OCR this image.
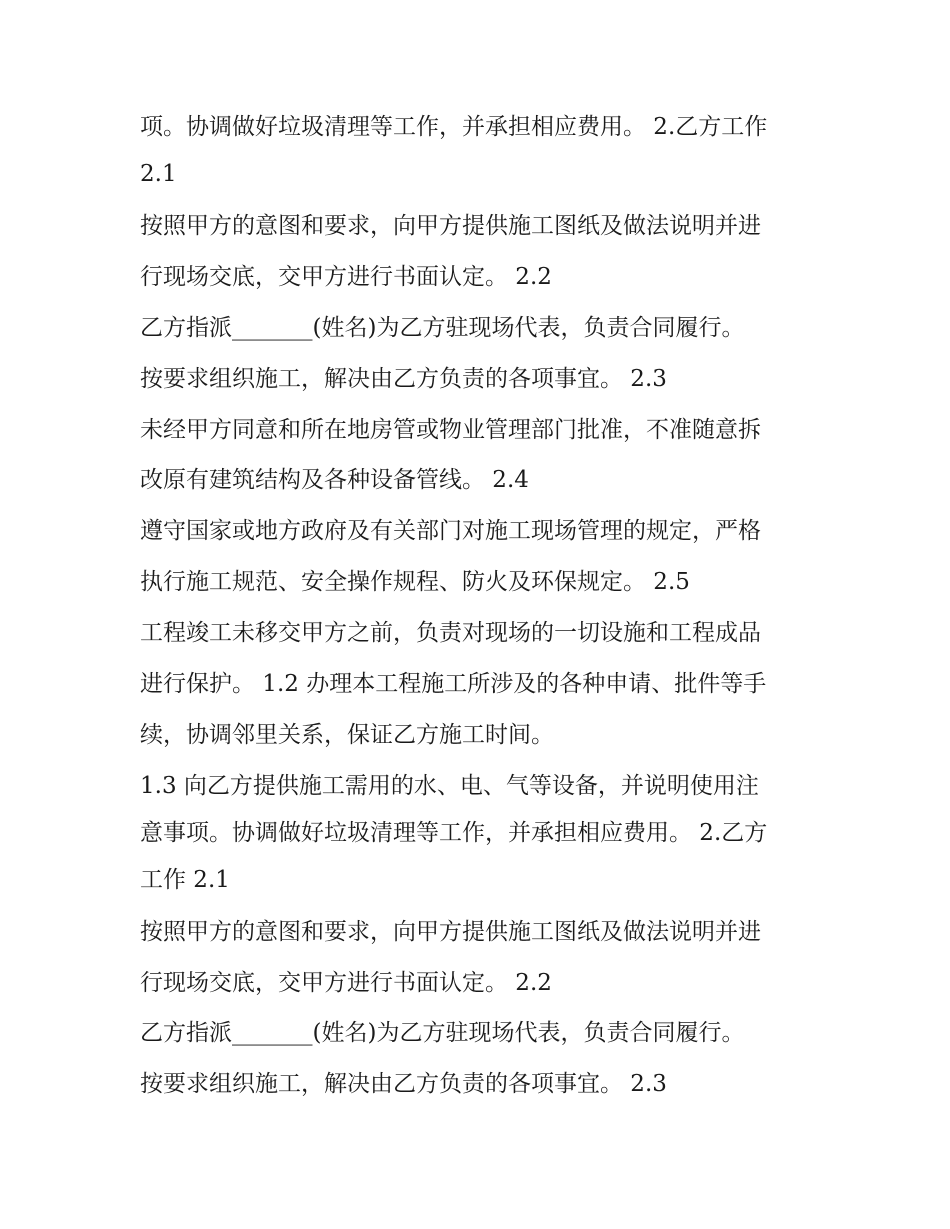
项。协调做好垃圾清理等工作，并承担相应费用。 2.乙方工作
2.1
按照甲方的意图和要求，向甲方提供施工图纸及做法说明并进
行现场交底，交甲方进行书面认定。 2.2
乙方指派_______(姓名)为乙方驻现场代表，负责合同履行。
按要求组织施工，解决由乙方负责的各项事宜。 2.3
未经甲方同意和所在地房管或物业管理部门批准，不准随意拆
改原有建筑结构及各种设备管线。 2.4
遵守国家或地方政府及有关部门对施工现场管理的规定，严格
执行施工规范、安全操作规程、防火及环保规定。 2.5
工程竣工未移交甲方之前，负责对现场的一切设施和工程成品
进行保护。 1.2 办理本工程施工所涉及的各种申请、批件等手
续，协调邻里关系，保证乙方施工时间。
1.3 向乙方提供施工需用的水、电、气等设备，并说明使用注
意事项。协调做好垃圾清理等工作，并承担相应费用。 2.乙方
工作 2.1
按照甲方的意图和要求，向甲方提供施工图纸及做法说明并进
行现场交底，交甲方进行书面认定。 2.2
乙方指派_______(姓名)为乙方驻现场代表，负责合同履行。
按要求组织施工，解决由乙方负责的各项事宜。 2.3
